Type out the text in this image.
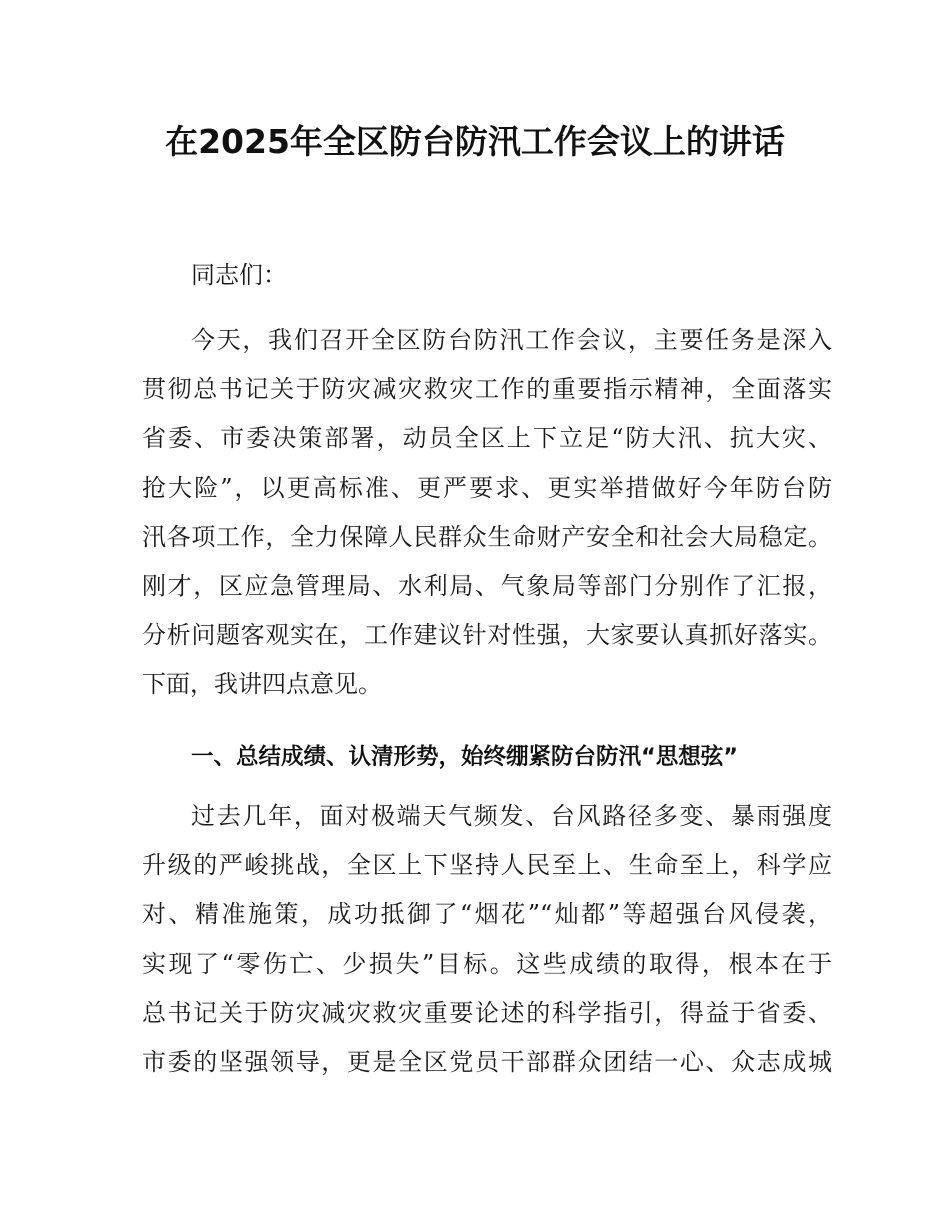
在2025年全区防台防汛工作会议上的讲话
同志们：
今天，我们召开全区防台防汛工作会议，主要任务是深入
贯彻总书记关于防灾减灾救灾工作的重要指示精神，全面落实
省委、市委决策部署，动员全区上下立足“防大汛、抗大灾、
抢大险”，以更高标准、更严要求、更实举措做好今年防台防
汛各项工作，全力保障人民群众生命财产安全和社会大局稳定。
刚才，区应急管理局、水利局、气象局等部门分别作了汇报，
分析问题客观实在，工作建议针对性强，大家要认真抓好落实。
下面，我讲四点意见。
一、总结成绩、认清形势，始终绷紧防台防汛“思想弦”
过去几年，面对极端天气频发、台风路径多变、暴雨强度
升级的严峻挑战，全区上下坚持人民至上、生命至上，科学应
对、精准施策，成功抵御了“烟花”“灿都”等超强台风侵袭，
实现了“零伤亡、少损失”目标。这些成绩的取得，根本在于
总书记关于防灾减灾救灾重要论述的科学指引，得益于省委、
市委的坚强领导，更是全区党员干部群众团结一心、众志成城
